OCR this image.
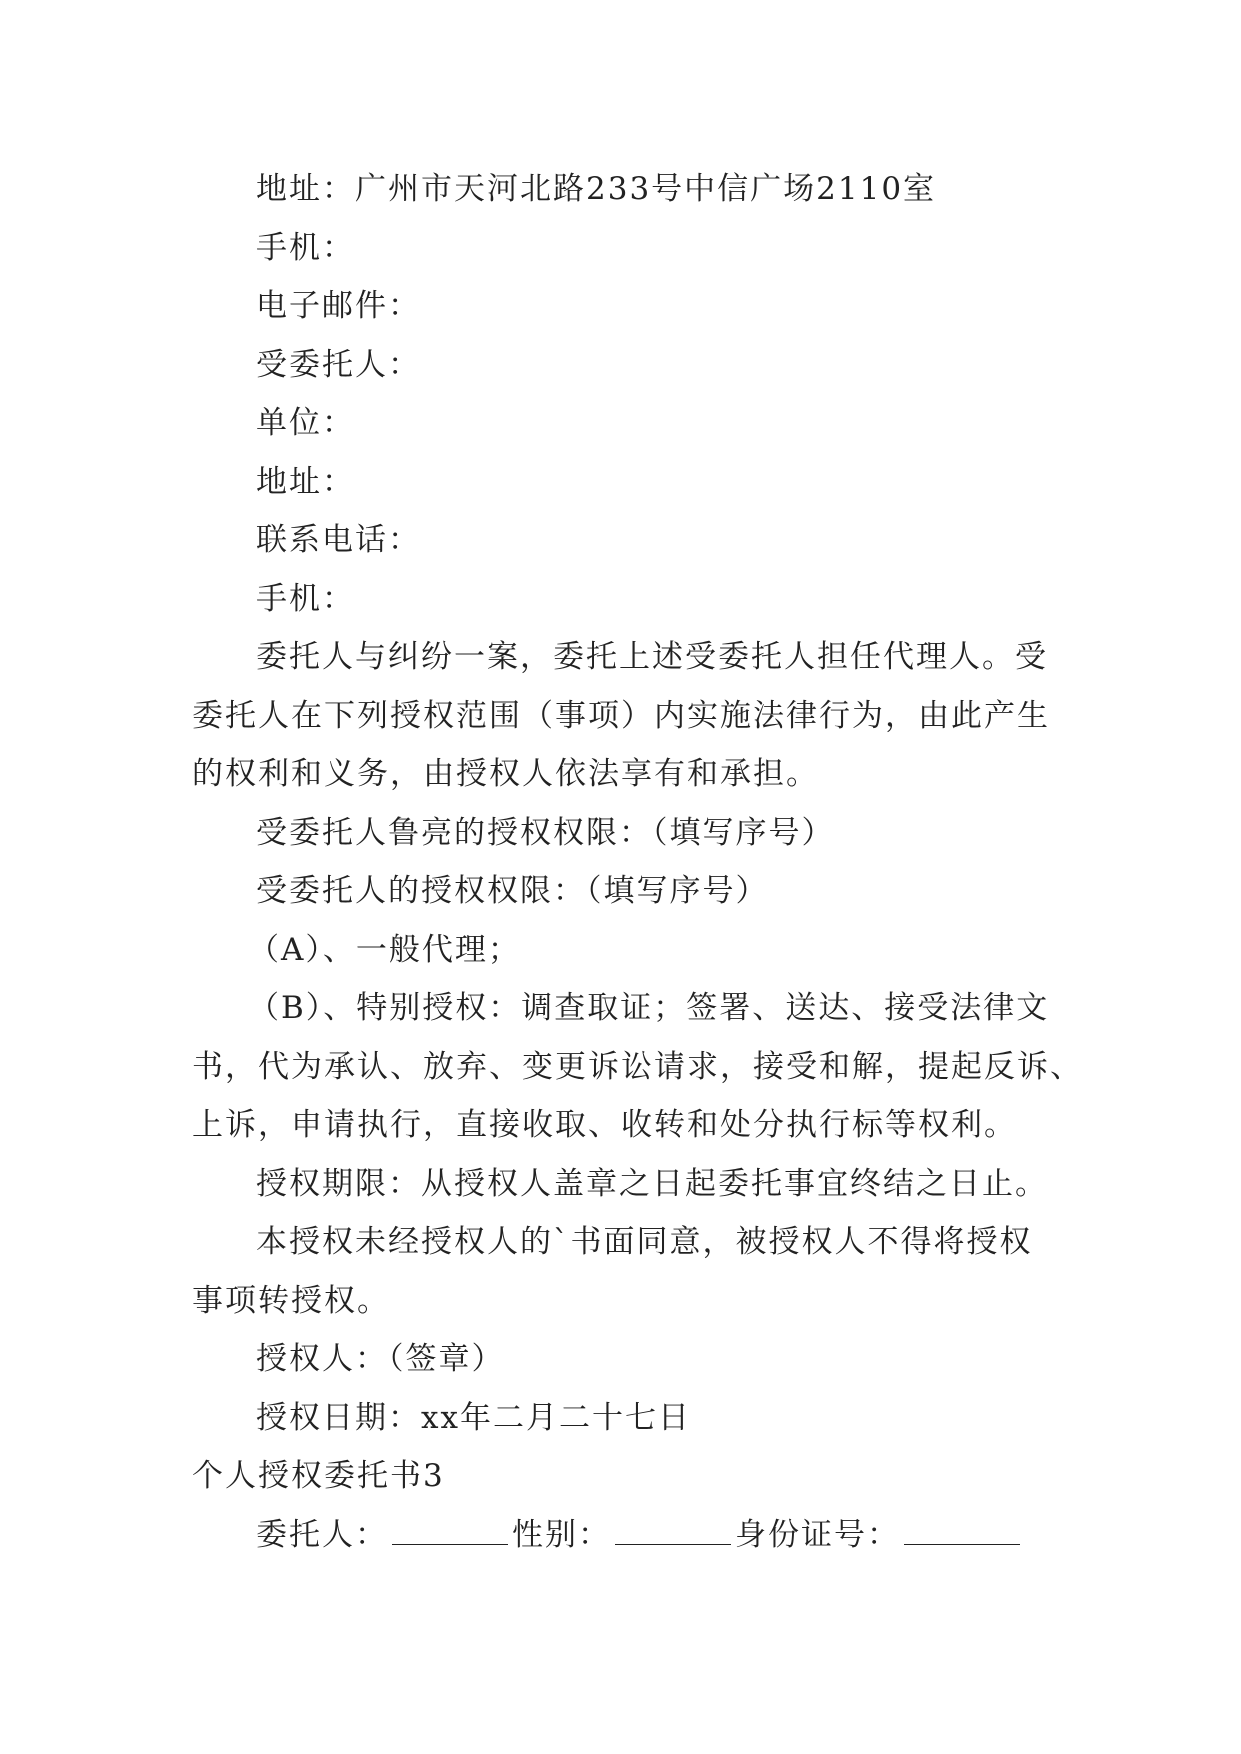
地址：广州市天河北路233号中信广场2110室
手机：
电子邮件：
受委托人：
单位：
地址：
联系电话：
手机：
委托人与纠纷一案，委托上述受委托人担任代理人。受
委托人在下列授权范围（事项）内实施法律行为，由此产生
的权利和义务，由授权人依法享有和承担。
受委托人鲁亮的授权权限：（填写序号）
受委托人的授权权限：（填写序号）
（A）、一般代理；
（B）、特别授权：调查取证；签署、送达、接受法律文
书，代为承认、放弃、变更诉讼请求，接受和解，提起反诉、
上诉，申请执行，直接收取、收转和处分执行标等权利。
授权期限：从授权人盖章之日起委托事宜终结之日止。
本授权未经授权人的`书面同意，被授权人不得将授权
事项转授权。
授权人：（签章）
授权日期：xx年二月二十七日
个人授权委托书3
委托人：	性别：	身份证号：
